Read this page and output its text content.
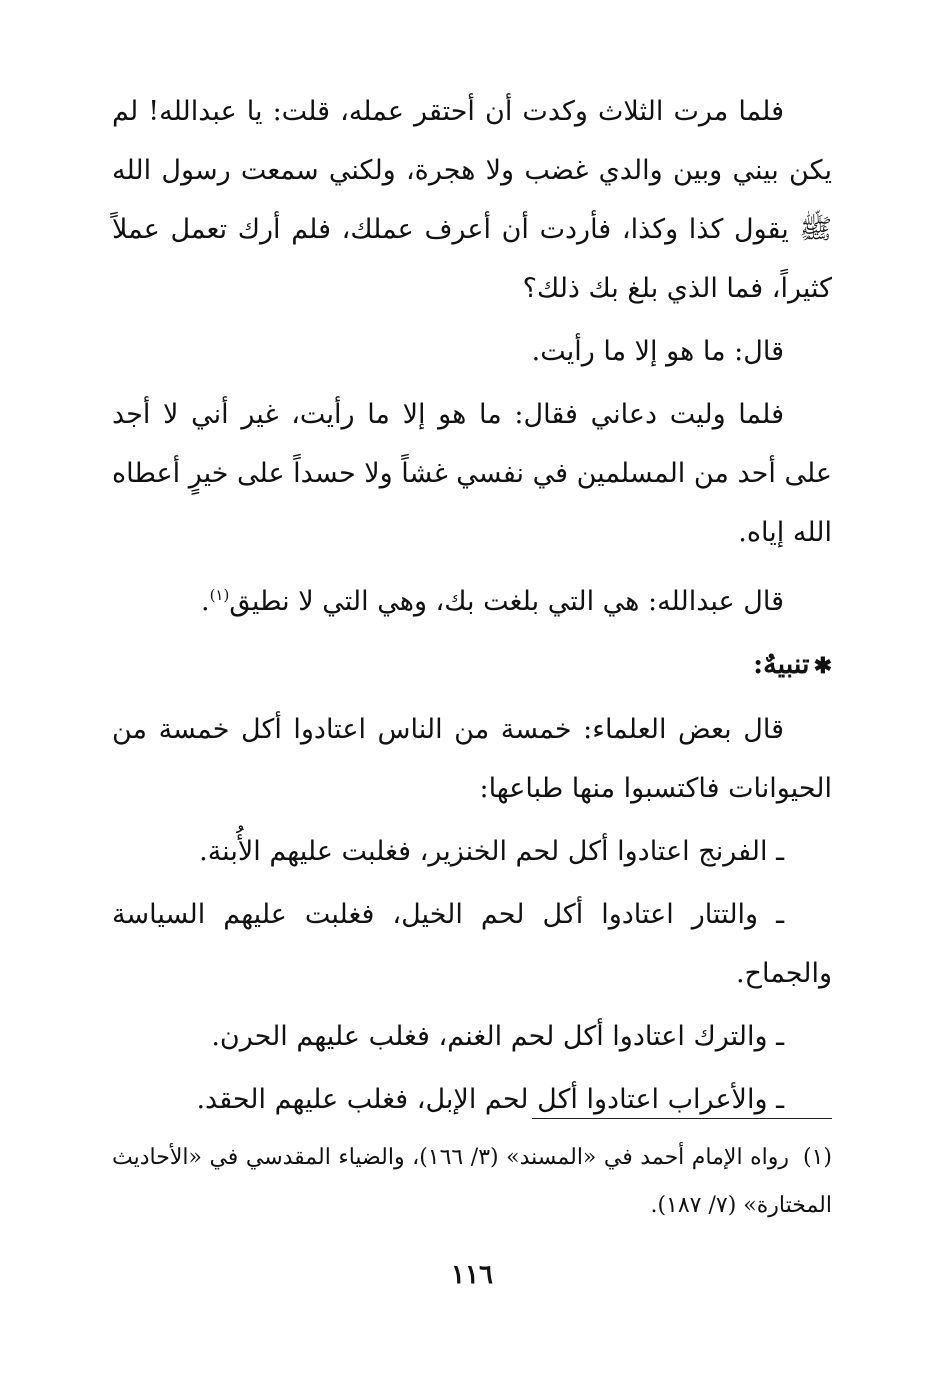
فلما مرت الثلاث وكدت أن أحتقر عمله، قلت: يا عبدالله! لم يكن بيني وبين والدي غضب ولا هجرة، ولكني سمعت رسول الله ﷺ يقول كذا وكذا، فأردت أن أعرف عملك، فلم أرك تعمل عملاً كثيراً، فما الذي بلغ بك ذلك؟

قال: ما هو إلا ما رأيت.

فلما وليت دعاني فقال: ما هو إلا ما رأيت، غير أني لا أجد على أحد من المسلمين في نفسي غشاً ولا حسداً على خيرٍ أعطاه الله إياه.

قال عبدالله: هي التي بلغت بك، وهي التي لا نطيق$^{(١)}$.

✱تنبيهٌ:

قال بعض العلماء: خمسة من الناس اعتادوا أكل خمسة من الحيوانات فاكتسبوا منها طباعها:

ـ الفرنج اعتادوا أكل لحم الخنزير، فغلبت عليهم الأُبنة.

ـ والتتار اعتادوا أكل لحم الخيل، فغلبت عليهم السياسة والجماح.

ـ والترك اعتادوا أكل لحم الغنم، فغلب عليهم الحرن.

ـ والأعراب اعتادوا أكل لحم الإبل، فغلب عليهم الحقد.

(١)رواه الإمام أحمد في «المسند» (٣/ ١٦٦)، والضياء المقدسي في «الأحاديث المختارة» (٧/ ١٨٧).

١١٦
